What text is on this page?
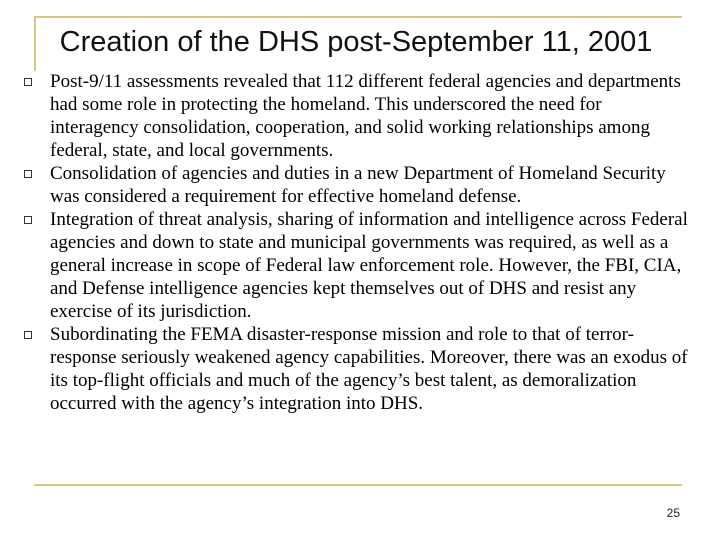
Creation of the DHS post-September 11, 2001
Post-9/11 assessments revealed that 112 different federal agencies and departments had some role in protecting the homeland. This underscored the need for interagency consolidation, cooperation, and solid working relationships among federal, state, and local governments.
Consolidation of agencies and duties in a new Department of Homeland Security was considered a requirement for effective homeland defense.
Integration of threat analysis, sharing of information and intelligence across Federal agencies and down to state and municipal governments was required, as well as a general increase in scope of Federal law enforcement role. However, the FBI, CIA, and Defense intelligence agencies kept themselves out of DHS and resist any exercise of its jurisdiction.
Subordinating the FEMA disaster-response mission and role to that of terror-response seriously weakened agency capabilities. Moreover, there was an exodus of its top-flight officials and much of the agency’s best talent, as demoralization occurred with the agency’s integration into DHS.
25
